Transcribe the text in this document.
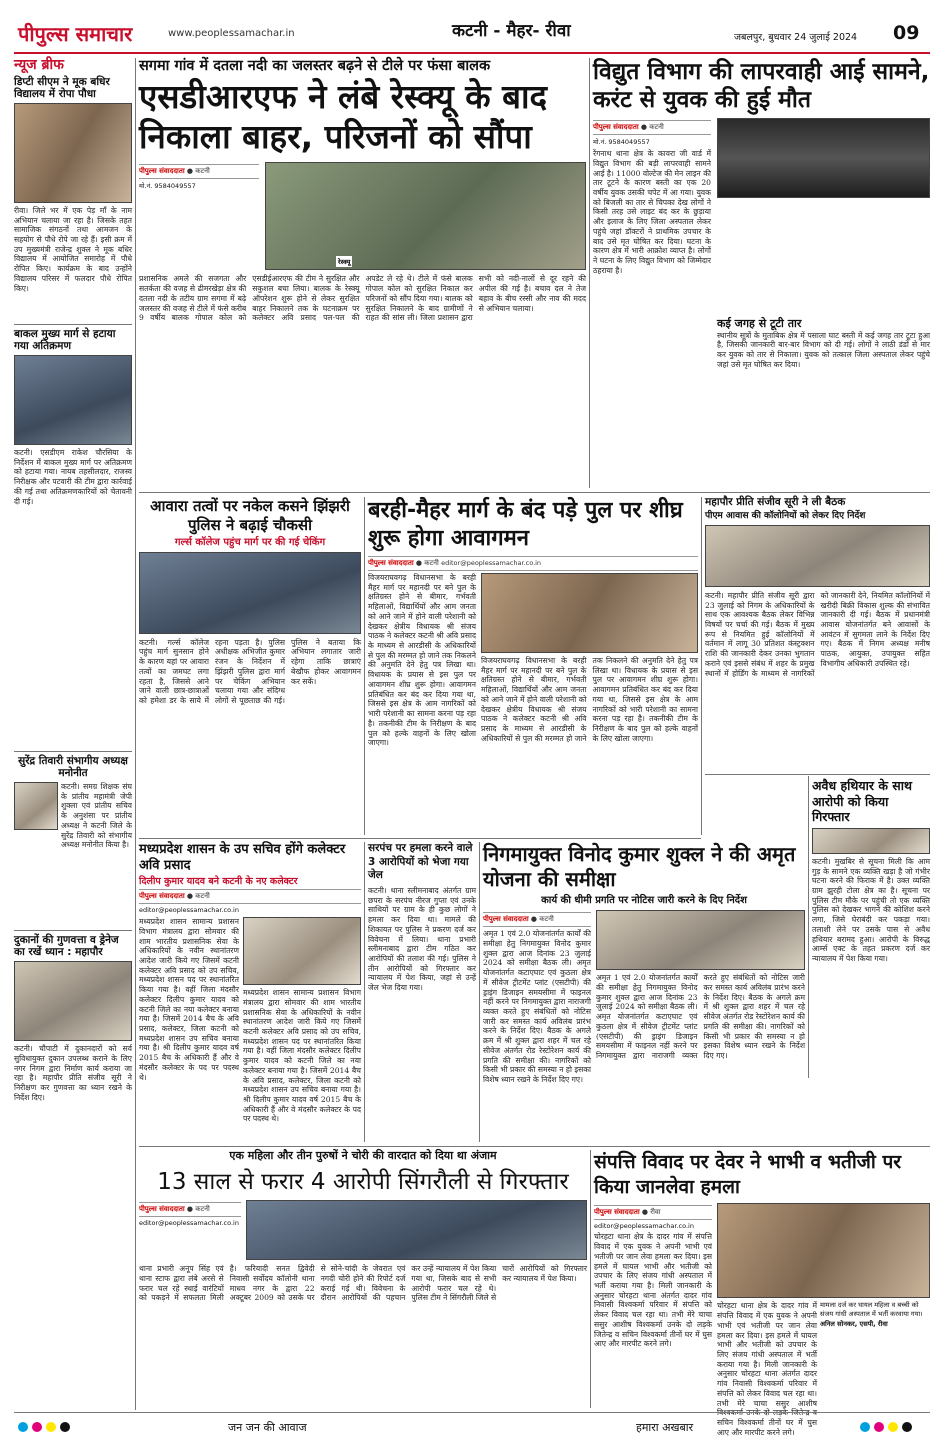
पीपुल्स समाचार	www.peoplessamachar.in	कटनी - मैहर- रीवा	जबलपुर, बुधवार 24 जुलाई 2024 09
न्यूज ब्रीफ
डिप्टी सीएम ने मूक बधिर विद्यालय में रोपा पौधा
रीवा। जिले भर में एक पेड़ माँ के नाम अभियान चलाया जा रहा है। जिसके तहत सामाजिक संगठनों तथा आमजन के सहयोग से पौधे रोपे जा रहे हैं। इसी क्रम में उप मुख्यमंत्री राजेन्द्र शुक्ल ने मूक बधिर विद्यालय में आयोजित समारोह में पौधे रोपित किए। कार्यक्रम के बाद उन्होंने विद्यालय परिसर में फलदार पौधे रोपित किए।
बाकल मुख्य मार्ग से हटाया गया अतिक्रमण
कटनी। एसडीएम राकेश चौरसिया के निर्देशन में बाकल मुख्य मार्ग पर अतिक्रमण को हटाया गया। नायब तहसीलदार, राजस्व निरीक्षक और पटवारी की टीम द्वारा कार्रवाई की गई तथा अतिक्रमणकारियों को चेतावनी दी गई।
सुरेंद्र तिवारी संभागीय अध्यक्ष मनोनीत
कटनी। समग्र शिक्षक संघ के प्रांतीय महामंत्री जेपी शुक्ला एवं प्रांतीय सचिव के अनुशंसा पर प्रांतीय अध्यक्ष ने कटनी जिले के सुरेंद्र तिवारी को संभागीय अध्यक्ष मनोनीत किया है।
दुकानों की गुणवत्ता व ड्रेनेज का रखें ध्यान : महापौर
कटनी। चौपाटी में दुकानदारों को सर्व सुविधायुक्त दुकान उपलब्ध कराने के लिए नगर निगम द्वारा निर्माण कार्य कराया जा रहा है। महापौर प्रीति संजीव सूरी ने निरीक्षण कर गुणवत्ता का ध्यान रखने के निर्देश दिए।
सगमा गांव में दतला नदी का जलस्तर बढ़ने से टीले पर फंसा बालक
एसडीआरएफ ने लंबे रेस्क्यू के बाद निकाला बाहर, परिजनों को सौंपा
पीपुल्स संवाददाता ● कटनी
मो.नं. 9584049557
रेस्क्यू
प्रशासनिक अमले की सजगता और सतर्कता की वजह से ढीमरखेड़ा क्षेत्र की दतला नदी के तटीय ग्राम सगमा में बढ़े जलस्तर की वजह से टीले में फंसे करीब 9 वर्षीय बालक गोपाल कोल को एसडीईआरएफ की टीम ने सुरक्षित और सकुशल बचा लिया। बालक के रेस्क्यू ऑपरेशन शुरू होने से लेकर सुरक्षित बाहर निकालने तक के घटनाक्रम पर कलेक्टर अवि प्रसाद पल-पल की अपडेट ले रहे थे। टीले में फंसे बालक गोपाल कोल को सुरक्षित निकाल कर परिजनों को सौंप दिया गया। बालक को सुरक्षित निकालने के बाद ग्रामीणों ने राहत की सांस ली। जिला प्रशासन द्वारा सभी को नदी-नालों से दूर रहने की अपील की गई है। बचाव दल ने तेज बहाव के बीच रस्सी और नाव की मदद से अभियान चलाया।
विद्युत विभाग की लापरवाही आई सामने, करंट से युवक की हुई मौत
पीपुल्स संवाददाता ● कटनी
मो.नं. 9584049557
रेंगनाथ थाना क्षेत्र के कावरा जी वार्ड में विद्युत विभाग की बड़ी लापरवाही सामने आई है। 11000 वोल्टेज की मेन लाइन की तार टूटने के कारण बस्ती का एक 20 वर्षीय युवक उसकी चपेट में आ गया। युवक को बिजली का तार से चिपका देख लोगों ने किसी तरह उसे लाइट बंद कर के छुड़ाया और इलाज के लिए जिला अस्पताल लेकर पहुंचे जहां डॉक्टरों ने प्राथमिक उपचार के बाद उसे मृत घोषित कर दिया। घटना के कारण क्षेत्र में भारी आक्रोश व्याप्त है। लोगों ने घटना के लिए विद्युत विभाग को जिम्मेदार ठहराया है।
कई जगह से टूटी तार
स्थानीय सूत्रों के मुताबिक क्षेत्र में पसाला घाट बस्ती में कई जगह तार टूटा हुआ है, जिसकी जानकारी बार-बार विभाग को दी गई। लोगों ने लाठी डंडों से मार कर युवक को तार से निकाला। युवक को तत्काल जिला अस्पताल लेकर पहुंचे जहां उसे मृत घोषित कर दिया।
आवारा तत्वों पर नकेल कसने झिंझरी पुलिस ने बढ़ाई चौकसी
गर्ल्स कॉलेज पहुंच मार्ग पर की गई चेकिंग
कटनी। गर्ल्स कॉलेज पहुंच मार्ग सुनसान होने के कारण यहां पर आवारा तत्वों का जमघट लगा रहता है, जिससे आने जाने वाली छात्र-छात्राओं को हमेशा डर के साये में रहना पड़ता है। पुलिस अधीक्षक अभिजीत कुमार रंजन के निर्देशन में झिंझरी पुलिस द्वारा मार्ग पर चेकिंग अभियान चलाया गया और संदिग्ध लोगों से पूछताछ की गई। पुलिस ने बताया कि अभियान लगातार जारी रहेगा ताकि छात्राएं बेखौफ होकर आवागमन कर सकें।
बरही-मैहर मार्ग के बंद पड़े पुल पर शीघ्र शुरू होगा आवागमन
पीपुल्स संवाददाता ● कटनी editor@peoplessamachar.co.in
विजयराघवगढ़ विधानसभा के बरही मैहर मार्ग पर महानदी पर बने पुल के क्षतिग्रस्त होने से बीमार, गर्भवती महिलाओं, विद्यार्थियों और आम जनता को आने जाने में होने वाली परेशानी को देखकर क्षेत्रीय विधायक श्री संजय पाठक ने कलेक्टर कटनी श्री अवि प्रसाद के माध्यम से आरडीसी के अधिकारियों से पुल की मरम्मत हो जाने तक निकलने की अनुमति देने हेतु पत्र लिखा था। विधायक के प्रयास से इस पुल पर आवागमन शीघ्र शुरू होगा। आवागमन प्रतिबंधित कर बंद कर दिया गया था, जिससे इस क्षेत्र के आम नागरिकों को भारी परेशानी का सामना करना पड़ रहा है। तकनीकी टीम के निरीक्षण के बाद पुल को हल्के वाहनों के लिए खोला जाएगा।
विजयराघवगढ़ विधानसभा के बरही मैहर मार्ग पर महानदी पर बने पुल के क्षतिग्रस्त होने से बीमार, गर्भवती महिलाओं, विद्यार्थियों और आम जनता को आने जाने में होने वाली परेशानी को देखकर क्षेत्रीय विधायक श्री संजय पाठक ने कलेक्टर कटनी श्री अवि प्रसाद के माध्यम से आरडीसी के अधिकारियों से पुल की मरम्मत हो जाने तक निकलने की अनुमति देने हेतु पत्र लिखा था। विधायक के प्रयास से इस पुल पर आवागमन शीघ्र शुरू होगा। आवागमन प्रतिबंधित कर बंद कर दिया गया था, जिससे इस क्षेत्र के आम नागरिकों को भारी परेशानी का सामना करना पड़ रहा है। तकनीकी टीम के निरीक्षण के बाद पुल को हल्के वाहनों के लिए खोला जाएगा।
महापौर प्रीति संजीव सूरी ने ली बैठक
पीएम आवास की कॉलोनियों को लेकर दिए निर्देश
कटनी। महापौर प्रीति संजीव सूरी द्वारा 23 जुलाई को निगम के अधिकारियों के साथ एक आवश्यक बैठक लेकर विभिन्न विषयों पर चर्चा की गई। बैठक में मुख्य रूप से नियमित हुई कॉलोनियों में वर्तमान में लागू 30 प्रतिशत कंस्ट्रक्शन राशि की जानकारी देकर उनका भुगतान कराने एवं इससे संबंध में शहर के प्रमुख स्थानों में होर्डिंग के माध्यम से नागरिकों को जानकारी देने, नियमित कॉलोनियों में खरीदी बिक्री विकास शुल्क की संभावित जानकारी दी गई। बैठक में प्रधानमंत्री आवास योजनांतर्गत बने आवासों के आवंटन में सुगमता लाने के निर्देश दिए गए। बैठक में निगम अध्यक्ष मनीष पाठक, आयुक्त, उपायुक्त सहित विभागीय अधिकारी उपस्थित रहे।
अवैध हथियार के साथ आरोपी को किया गिरफ्तार
कटनी। मुखबिर से सूचना मिली कि आम गुड़ के सामने एक व्यक्ति खड़ा है जो गंभीर घटना करने की फिराक में है। उक्त व्यक्ति ग्राम झुरही टोला क्षेत्र का है। सूचना पर पुलिस टीम मौके पर पहुंची तो एक व्यक्ति पुलिस को देखकर भागने की कोशिश करने लगा, जिसे घेराबंदी कर पकड़ा गया। तलाशी लेने पर उसके पास से अवैध हथियार बरामद हुआ। आरोपी के विरुद्ध आर्म्स एक्ट के तहत प्रकरण दर्ज कर न्यायालय में पेश किया गया।
मध्यप्रदेश शासन के उप सचिव होंगे कलेक्टर अवि प्रसाद
दिलीप कुमार यादव बने कटनी के नए कलेक्टर
पीपुल्स संवाददाता ● कटनी
editor@peoplessamachar.co.in
मध्यप्रदेश शासन सामान्य प्रशासन विभाग मंत्रालय द्वारा सोमवार की शाम भारतीय प्रशासनिक सेवा के अधिकारियों के नवीन स्थानांतरण आदेश जारी किये गए जिसमें कटनी कलेक्टर अवि प्रसाद को उप सचिव, मध्यप्रदेश शासन पद पर स्थानांतरित किया गया है। वहीं जिला मंदसौर कलेक्टर दिलीप कुमार यादव को कटनी जिले का नया कलेक्टर बनाया गया है। जिसमें 2014 बैच के अवि प्रसाद, कलेक्टर, जिला कटनी को मध्यप्रदेश शासन उप सचिव बनाया गया है। श्री दिलीप कुमार यादव वर्ष 2015 बैच के अधिकारी हैं और वे मंदसौर कलेक्टर के पद पर पदस्थ थे।
मध्यप्रदेश शासन सामान्य प्रशासन विभाग मंत्रालय द्वारा सोमवार की शाम भारतीय प्रशासनिक सेवा के अधिकारियों के नवीन स्थानांतरण आदेश जारी किये गए जिसमें कटनी कलेक्टर अवि प्रसाद को उप सचिव, मध्यप्रदेश शासन पद पर स्थानांतरित किया गया है। वहीं जिला मंदसौर कलेक्टर दिलीप कुमार यादव को कटनी जिले का नया कलेक्टर बनाया गया है। जिसमें 2014 बैच के अवि प्रसाद, कलेक्टर, जिला कटनी को मध्यप्रदेश शासन उप सचिव बनाया गया है। श्री दिलीप कुमार यादव वर्ष 2015 बैच के अधिकारी हैं और वे मंदसौर कलेक्टर के पद पर पदस्थ थे।
सरपंच पर हमला करने वाले 3 आरोपियों को भेजा गया जेल
कटनी। थाना स्लीमनाबाद अंतर्गत ग्राम छपरा के सरपंच नीरज गुप्ता एवं उनके साथियों पर ग्राम के ही कुछ लोगों ने हमला कर दिया था। मामले की शिकायत पर पुलिस ने प्रकरण दर्ज कर विवेचना में लिया। थाना प्रभारी स्लीमनाबाद द्वारा टीम गठित कर आरोपियों की तलाश की गई। पुलिस ने तीन आरोपियों को गिरफ्तार कर न्यायालय में पेश किया, जहां से उन्हें जेल भेज दिया गया।
निगमायुक्त विनोद कुमार शुक्ल ने की अमृत योजना की समीक्षा
कार्य की धीमी प्रगति पर नोटिस जारी करने के दिए निर्देश
पीपुल्स संवाददाता ● कटनी
अमृत 1 एवं 2.0 योजनांतर्गत कार्यों की समीक्षा हेतु निगमायुक्त विनोद कुमार शुक्ल द्वारा आज दिनांक 23 जुलाई 2024 को समीक्षा बैठक ली। अमृत योजनांतर्गत कटाएघाट एवं कुठला क्षेत्र में सीवेज ट्रीटमेंट प्लांट (एसटीपी) की ड्राइंग डिजाइन समयसीमा में फाइनल नहीं करने पर निगमायुक्त द्वारा नाराजगी व्यक्त करते हुए संबंधितों को नोटिस जारी कर समस्त कार्य अविलंब प्रारंभ करने के निर्देश दिए। बैठक के अगले क्रम में श्री शुक्ल द्वारा शहर में चल रहे सीवेज अंतर्गत रोड रेस्टोरेशन कार्य की प्रगति की समीक्षा की। नागरिकों को किसी भी प्रकार की समस्या न हो इसका विशेष ध्यान रखने के निर्देश दिए गए।
अमृत 1 एवं 2.0 योजनांतर्गत कार्यों की समीक्षा हेतु निगमायुक्त विनोद कुमार शुक्ल द्वारा आज दिनांक 23 जुलाई 2024 को समीक्षा बैठक ली। अमृत योजनांतर्गत कटाएघाट एवं कुठला क्षेत्र में सीवेज ट्रीटमेंट प्लांट (एसटीपी) की ड्राइंग डिजाइन समयसीमा में फाइनल नहीं करने पर निगमायुक्त द्वारा नाराजगी व्यक्त करते हुए संबंधितों को नोटिस जारी कर समस्त कार्य अविलंब प्रारंभ करने के निर्देश दिए। बैठक के अगले क्रम में श्री शुक्ल द्वारा शहर में चल रहे सीवेज अंतर्गत रोड रेस्टोरेशन कार्य की प्रगति की समीक्षा की। नागरिकों को किसी भी प्रकार की समस्या न हो इसका विशेष ध्यान रखने के निर्देश दिए गए।
एक महिला और तीन पुरुषों ने चोरी की वारदात को दिया था अंजाम
13 साल से फरार 4 आरोपी सिंगरौली से गिरफ्तार
पीपुल्स संवाददाता ● कटनी
editor@peoplessamachar.co.in
थाना प्रभारी अनूप सिंह एवं थाना स्टाफ द्वारा लंबे अरसे से फरार चल रहे स्थाई वारंटियों को पकड़ने में सफलता मिली है। फरियादी सनत द्विवेदी निवासी सर्वोदय कॉलोनी थाना माधव नगर के द्वारा 22 अक्टूबर 2009 को उसके घर से सोने-चांदी के जेवरात एवं नगदी चोरी होने की रिपोर्ट दर्ज कराई गई थी। विवेचना के दौरान आरोपियों की पहचान कर उन्हें न्यायालय में पेश किया गया था, जिसके बाद से सभी आरोपी फरार चल रहे थे। पुलिस टीम ने सिंगरौली जिले से चारों आरोपियों को गिरफ्तार कर न्यायालय में पेश किया।
संपत्ति विवाद पर देवर ने भाभी व भतीजी पर किया जानलेवा हमला
पीपुल्स संवाददाता ● रीवा
editor@peoplessamachar.co.in
चोरहटा थाना क्षेत्र के दादर गांव में संपत्ति विवाद में एक युवक ने अपनी भाभी एवं भतीजी पर जान लेवा हमला कर दिया। इस हमले में घायल भाभी और भतीजी को उपचार के लिए संजय गांधी अस्पताल में भर्ती कराया गया है। मिली जानकारी के अनुसार चोरहटा थाना अंतर्गत दादर गांव निवासी विश्वकर्मा परिवार में संपत्ति को लेकर विवाद चल रहा था। तभी मेरे चाचा ससुर आशीष विश्वकर्मा उनके दो लड़के जितेन्द्र व सचिन विश्वकर्मा तीनों घर में घुस आए और मारपीट करने लगे।
चोरहटा थाना क्षेत्र के दादर गांव में संपत्ति विवाद में एक युवक ने अपनी भाभी एवं भतीजी पर जान लेवा हमला कर दिया। इस हमले में घायल भाभी और भतीजी को उपचार के लिए संजय गांधी अस्पताल में भर्ती कराया गया है। मिली जानकारी के अनुसार चोरहटा थाना अंतर्गत दादर गांव निवासी विश्वकर्मा परिवार में संपत्ति को लेकर विवाद चल रहा था। तभी मेरे चाचा ससुर आशीष सचिन विश्वकर्मा तीनों घर में घुस आए और मारपीट करने लगे।
मामला दर्ज कर घायल महिला व बच्ची को संजय गांधी अस्पताल में भर्ती करवाया गया।
अनिल सोनकर, एसपी, रीवा
जन जन की आवाज	हमारा अखबार
